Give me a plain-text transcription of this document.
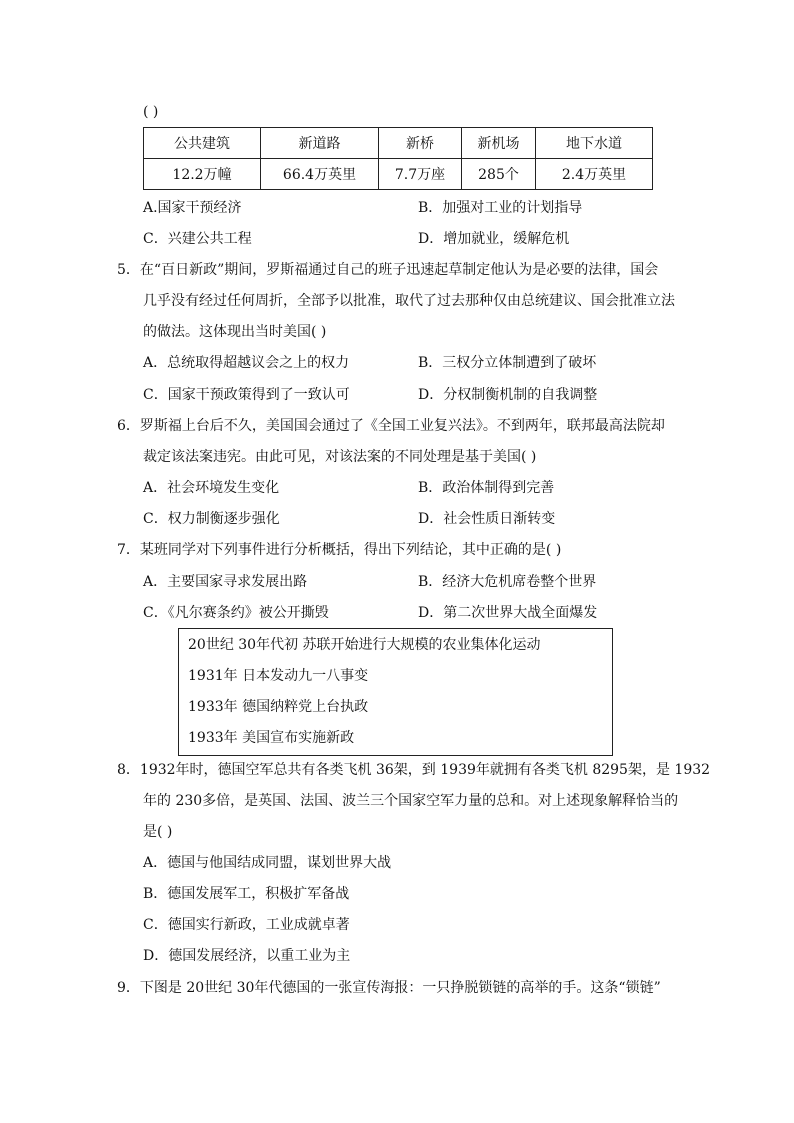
( )
公共建筑	新道路	新桥	新机场	地下水道
12.2万幢	66.4万英里	7.7万座	285个	2.4万英里
A.国家干预经济	B．加强对工业的计划指导
C．兴建公共工程	D．增加就业，缓解危机
5．在“百日新政”期间，罗斯福通过自己的班子迅速起草制定他认为是必要的法律，国会
几乎没有经过任何周折，全部予以批准，取代了过去那种仅由总统建议、国会批准立法
的做法。这体现出当时美国( )
A．总统取得超越议会之上的权力	B．三权分立体制遭到了破坏
C．国家干预政策得到了一致认可	D．分权制衡机制的自我调整
6．罗斯福上台后不久，美国国会通过了《全国工业复兴法》。不到两年，联邦最高法院却
裁定该法案违宪。由此可见，对该法案的不同处理是基于美国( )
A．社会环境发生变化	B．政治体制得到完善
C．权力制衡逐步强化	D．社会性质日渐转变
7．某班同学对下列事件进行分析概括，得出下列结论，其中正确的是( )
A．主要国家寻求发展出路	B．经济大危机席卷整个世界
C．《凡尔赛条约》被公开撕毁	D．第二次世界大战全面爆发
20世纪 30年代初 苏联开始进行大规模的农业集体化运动
1931年 日本发动九一八事变
1933年 德国纳粹党上台执政
1933年 美国宣布实施新政
8．1932年时，德国空军总共有各类飞机 36架，到 1939年就拥有各类飞机 8295架，是 1932
年的 230多倍，是英国、法国、波兰三个国家空军力量的总和。对上述现象解释恰当的
是( )
A．德国与他国结成同盟，谋划世界大战
B．德国发展军工，积极扩军备战
C．德国实行新政，工业成就卓著
D．德国发展经济，以重工业为主
9．下图是 20世纪 30年代德国的一张宣传海报：一只挣脱锁链的高举的手。这条“锁链”
